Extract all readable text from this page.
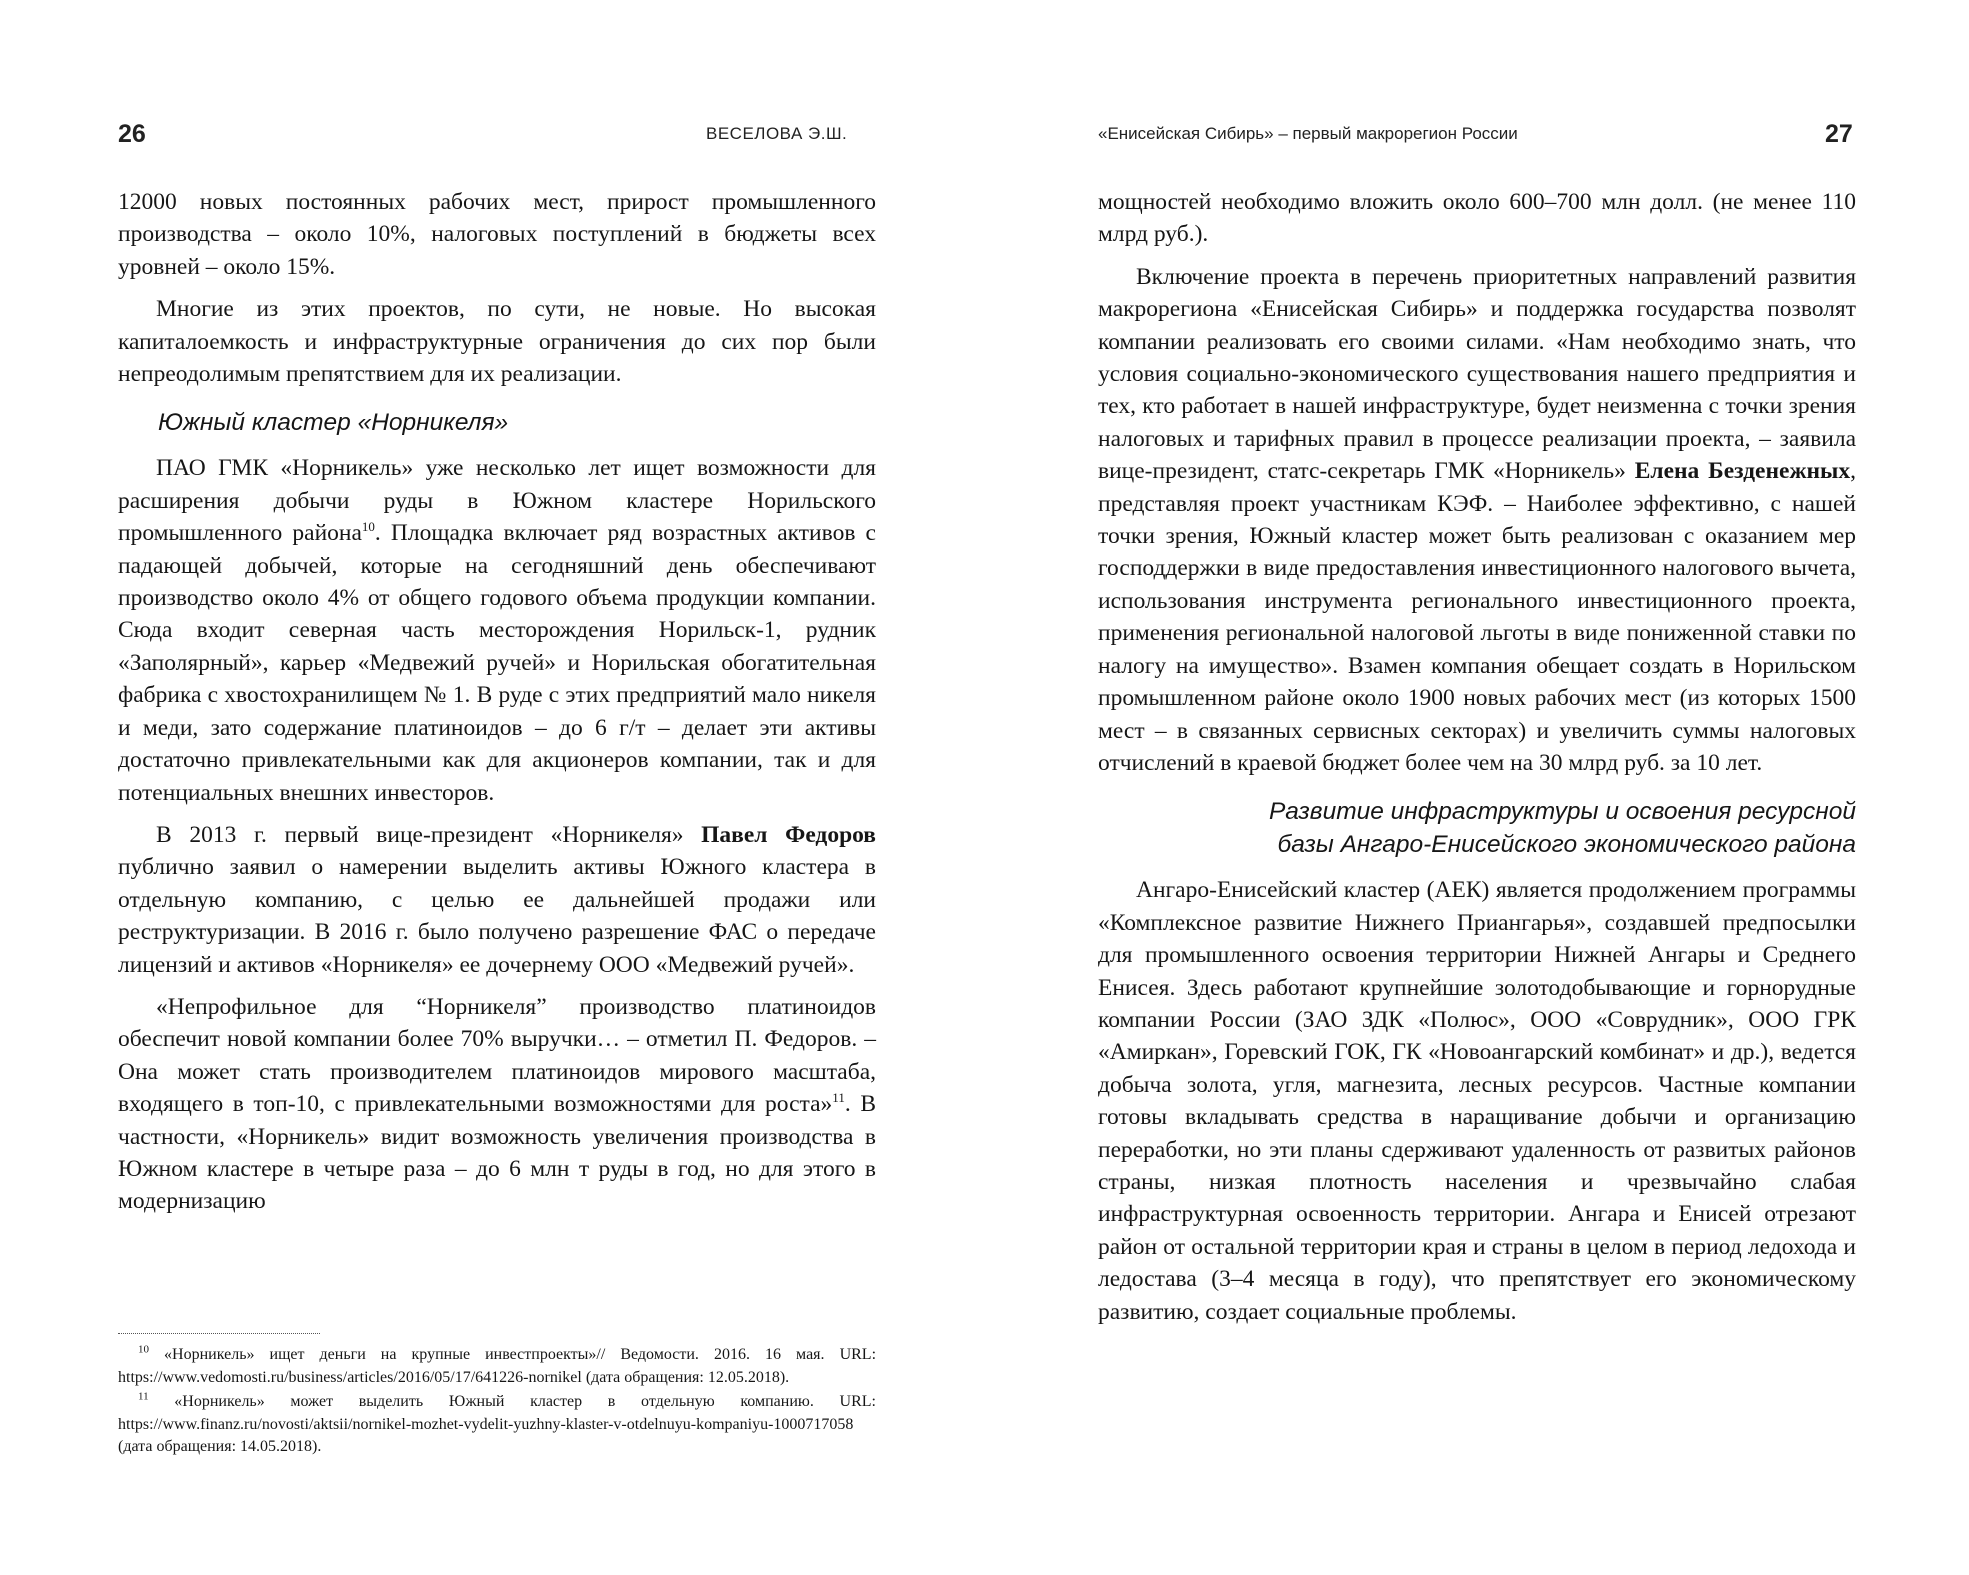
26	ВЕСЕЛОВА Э.Ш.

12000 новых постоянных рабочих мест, прирост промышленного производства – около 10%, налоговых поступлений в бюджеты всех уровней – около 15%.

Многие из этих проектов, по сути, не новые. Но высокая капиталоемкость и инфраструктурные ограничения до сих пор были непреодолимым препятствием для их реализации.

Южный кластер «Норникеля»

ПАО ГМК «Норникель» уже несколько лет ищет возможности для расширения добычи руды в Южном кластере Норильского промышленного района$^{10}$. Площадка включает ряд возрастных активов с падающей добычей, которые на сегодняшний день обеспечивают производство около 4% от общего годового объема продукции компании. Сюда входит северная часть месторождения Норильск-1, рудник «Заполярный», карьер «Медвежий ручей» и Норильская обогатительная фабрика с хвостохранилищем № 1. В руде с этих предприятий мало никеля и меди, зато содержание платиноидов – до 6 г/т – делает эти активы достаточно привлекательными как для акционеров компании, так и для потенциальных внешних инвесторов.

В 2013 г. первый вице-президент «Норникеля» Павел Федоров публично заявил о намерении выделить активы Южного кластера в отдельную компанию, с целью ее дальнейшей продажи или реструктуризации. В 2016 г. было получено разрешение ФАС о передаче лицензий и активов «Норникеля» ее дочернему ООО «Медвежий ручей».

«Непрофильное для “Норникеля” производство платиноидов обеспечит новой компании более 70% выручки… – отметил П. Федоров. – Она может стать производителем платиноидов мирового масштаба, входящего в топ-10, с привлекательными возможностями для роста»$^{11}$. В частности, «Норникель» видит возможность увеличения производства в Южном кластере в четыре раза – до 6 млн т руды в год, но для этого в модернизацию

$^{10}$ «Норникель» ищет деньги на крупные инвестпроекты»// Ведомости. 2016. 16 мая. URL: https://www.vedomosti.ru/business/articles/2016/05/17/641226-nornikel (дата обращения: 12.05.2018).

$^{11}$ «Норникель» может выделить Южный кластер в отдельную компанию. URL: https://www.finanz.ru/novosti/aktsii/nornikel-mozhet-vydelit-yuzhny-klaster-v-otdelnuyu-kompaniyu-1000717058 (дата обращения: 14.05.2018).

«Енисейская Сибирь» – первый макрорегион России	27

мощностей необходимо вложить около 600–700 млн долл. (не менее 110 млрд руб.).

Включение проекта в перечень приоритетных направлений развития макрорегиона «Енисейская Сибирь» и поддержка государства позволят компании реализовать его своими силами. «Нам необходимо знать, что условия социально-экономического существования нашего предприятия и тех, кто работает в нашей инфраструктуре, будет неизменна с точки зрения налоговых и тарифных правил в процессе реализации проекта, – заявила вице-президент, статс-секретарь ГМК «Норникель» Елена Безденежных, представляя проект участникам КЭФ. – Наиболее эффективно, с нашей точки зрения, Южный кластер может быть реализован с оказанием мер господдержки в виде предоставления инвестиционного налогового вычета, использования инструмента регионального инвестиционного проекта, применения региональной налоговой льготы в виде пониженной ставки по налогу на имущество». Взамен компания обещает создать в Норильском промышленном районе около 1900 новых рабочих мест (из которых 1500 мест – в связанных сервисных секторах) и увеличить суммы налоговых отчислений в краевой бюджет более чем на 30 млрд руб. за 10 лет.

Развитие инфраструктуры и освоения ресурсной
базы Ангаро-Енисейского экономического района

Ангаро-Енисейский кластер (АЕК) является продолжением программы «Комплексное развитие Нижнего Приангарья», создавшей предпосылки для промышленного освоения территории Нижней Ангары и Среднего Енисея. Здесь работают крупнейшие золотодобывающие и горнорудные компании России (ЗАО ЗДК «Полюс», ООО «Соврудник», ООО ГРК «Амиркан», Горевский ГОК, ГК «Новоангарский комбинат» и др.), ведется добыча золота, угля, магнезита, лесных ресурсов. Частные компании готовы вкладывать средства в наращивание добычи и организацию переработки, но эти планы сдерживают удаленность от развитых районов страны, низкая плотность населения и чрезвычайно слабая инфраструктурная освоенность территории. Ангара и Енисей отрезают район от остальной территории края и страны в целом в период ледохода и ледостава (3–4 месяца в году), что препятствует его экономическому развитию, создает социальные проблемы.
